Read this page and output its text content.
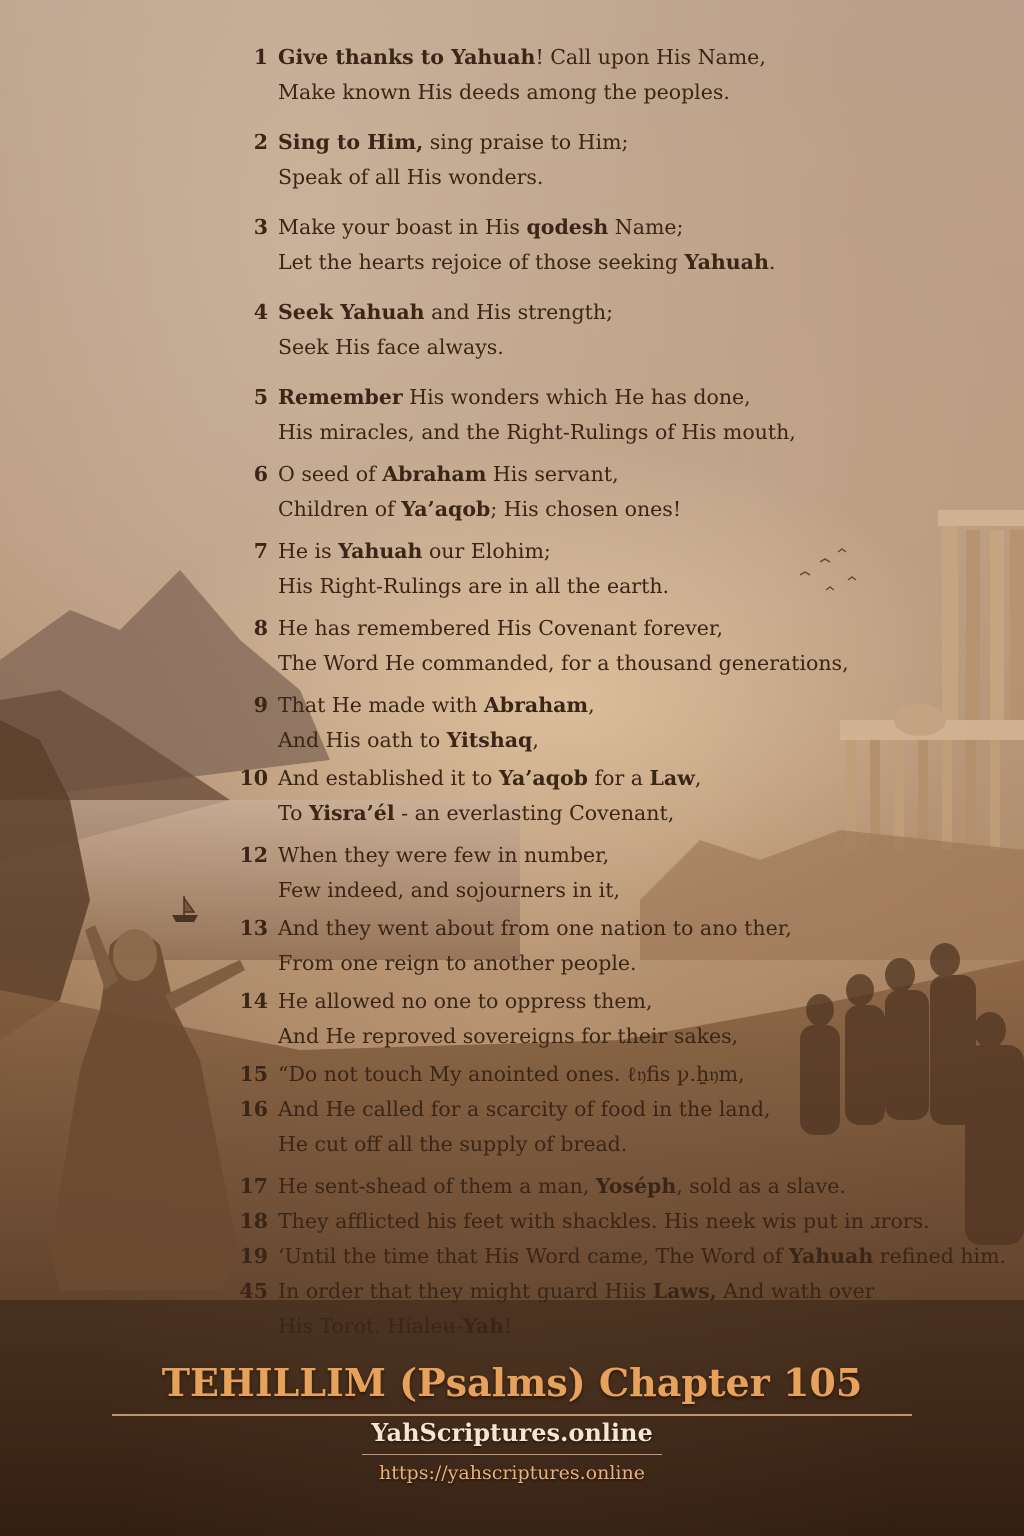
1 Give thanks to Yahuah! Call upon His Name,
Make known His deeds among the peoples.
2 Sing to Him, sing praise to Him;
Speak of all His wonders.
3 Make your boast in His qodesh Name;
Let the hearts rejoice of those seeking Yahuah.
4 Seek Yahuah and His strength;
Seek His face always.
5 Remember His wonders which He has done,
His miracles, and the Right-Rulings of His mouth,
6 O seed of Abraham His servant,
Children of Ya’aqob; His chosen ones!
7 He is Yahuah our Elohim;
His Right-Rulings are in all the earth.
8 He has remembered His Covenant forever,
The Word He commanded, for a thousand generations,
9 That He made with Abraham,
And His oath to Yitshaq,
10 And established it to Ya’aqob for a Law,
To Yisra’él - an everlasting Covenant,
12 When they were few in number,
Few indeed, and sojourners in it,
13 And they went about from one nation to ano ther,
From one reign to another people.
14 He allowed no one to oppress them,
And He reproved sovereigns for their sakes,
15 “Do not touch My anointed ones. ﻿ℓ𝔶fis ꝩ.ẖ𝔶m,
16 And He called for a scarcity of food in the land,
He cut off all the supply of bread.
17 He sent-shead of them a man, Yoséph, sold as a slave.
18 They afflicted his feet with shackles. His neek wis put in ɹrors.
19 ‘Until the time that His Word came, The Word of Yahuah refined him.
45 In order that they might guard Hiis Laws, And wath over
His Torot. Híaleʉ-Yah!
TEHILLIM (Psalms) Chapter 105
YahScriptures.online
https://yahscriptures.online
